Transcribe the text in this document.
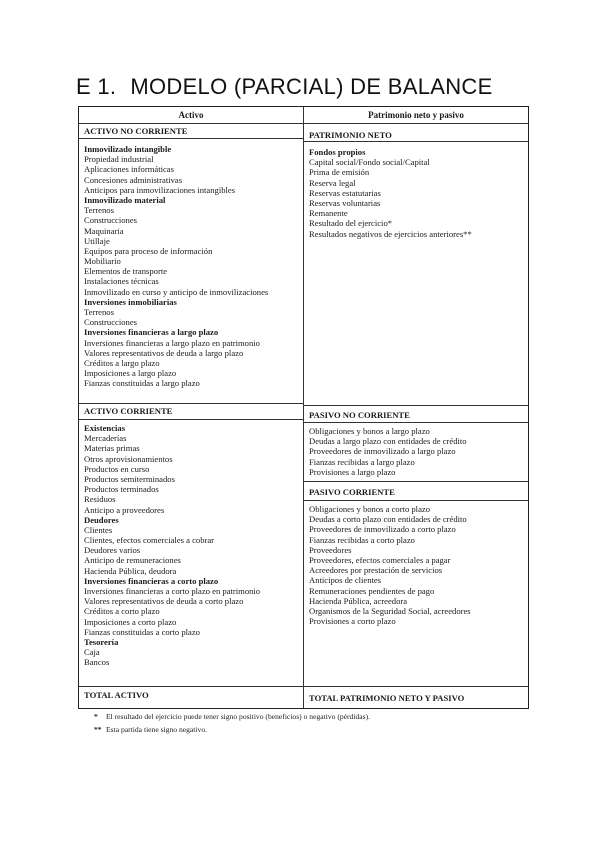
E 1. MODELO (PARCIAL) DE BALANCE
Activo	Patrimonio neto y pasivo
ACTIVO NO CORRIENTE
Inmovilizado intangible
Propiedad industrial
Aplicaciones informáticas
Concesiones administrativas
Anticipos para inmovilizaciones intangibles
Inmovilizado material
Terrenos
Construcciones
Maquinaria
Utillaje
Equipos para proceso de información
Mobiliario
Elementos de transporte
Instalaciones técnicas
Inmovilizado en curso y anticipo de inmovilizaciones
Inversiones inmobiliarias
Terrenos
Construcciones
Inversiones financieras a largo plazo
Inversiones financieras a largo plazo en patrimonio
Valores representativos de deuda a largo plazo
Créditos a largo plazo
Imposiciones a largo plazo
Fianzas constituidas a largo plazo
ACTIVO CORRIENTE
Existencias
Mercaderías
Materias primas
Otros aprovisionamientos
Productos en curso
Productos semiterminados
Productos terminados
Residuos
Anticipo a proveedores
Deudores
Clientes
Clientes, efectos comerciales a cobrar
Deudores varios
Anticipo de remuneraciones
Hacienda Pública, deudora
Inversiones financieras a corto plazo
Inversiones financieras a corto plazo en patrimonio
Valores representativos de deuda a corto plazo
Créditos a corto plazo
Imposiciones a corto plazo
Fianzas constituidas a corto plazo
Tesorería
Caja
Bancos
PATRIMONIO NETO
Fondos propios
Capital social/Fondo social/Capital
Prima de emisión
Reserva legal
Reservas estatutarias
Reservas voluntarias
Remanente
Resultado del ejercicio*
Resultados negativos de ejercicios anteriores**
PASIVO NO CORRIENTE
Obligaciones y bonos a largo plazo
Deudas a largo plazo con entidades de crédito
Proveedores de inmovilizado a largo plazo
Fianzas recibidas a largo plazo
Provisiones a largo plazo
PASIVO CORRIENTE
Obligaciones y bonos a corto plazo
Deudas a corto plazo con entidades de crédito
Proveedores de inmovilizado a corto plazo
Fianzas recibidas a corto plazo
Proveedores
Proveedores, efectos comerciales a pagar
Acreedores por prestación de servicios
Anticipos de clientes
Remuneraciones pendientes de pago
Hacienda Pública, acreedora
Organismos de la Seguridad Social, acreedores
Provisiones a corto plazo
TOTAL ACTIVO	TOTAL PATRIMONIO NETO Y PASIVO
* El resultado del ejercicio puede tener signo positivo (beneficios) o negativo (pérdidas).
** Esta partida tiene signo negativo.
